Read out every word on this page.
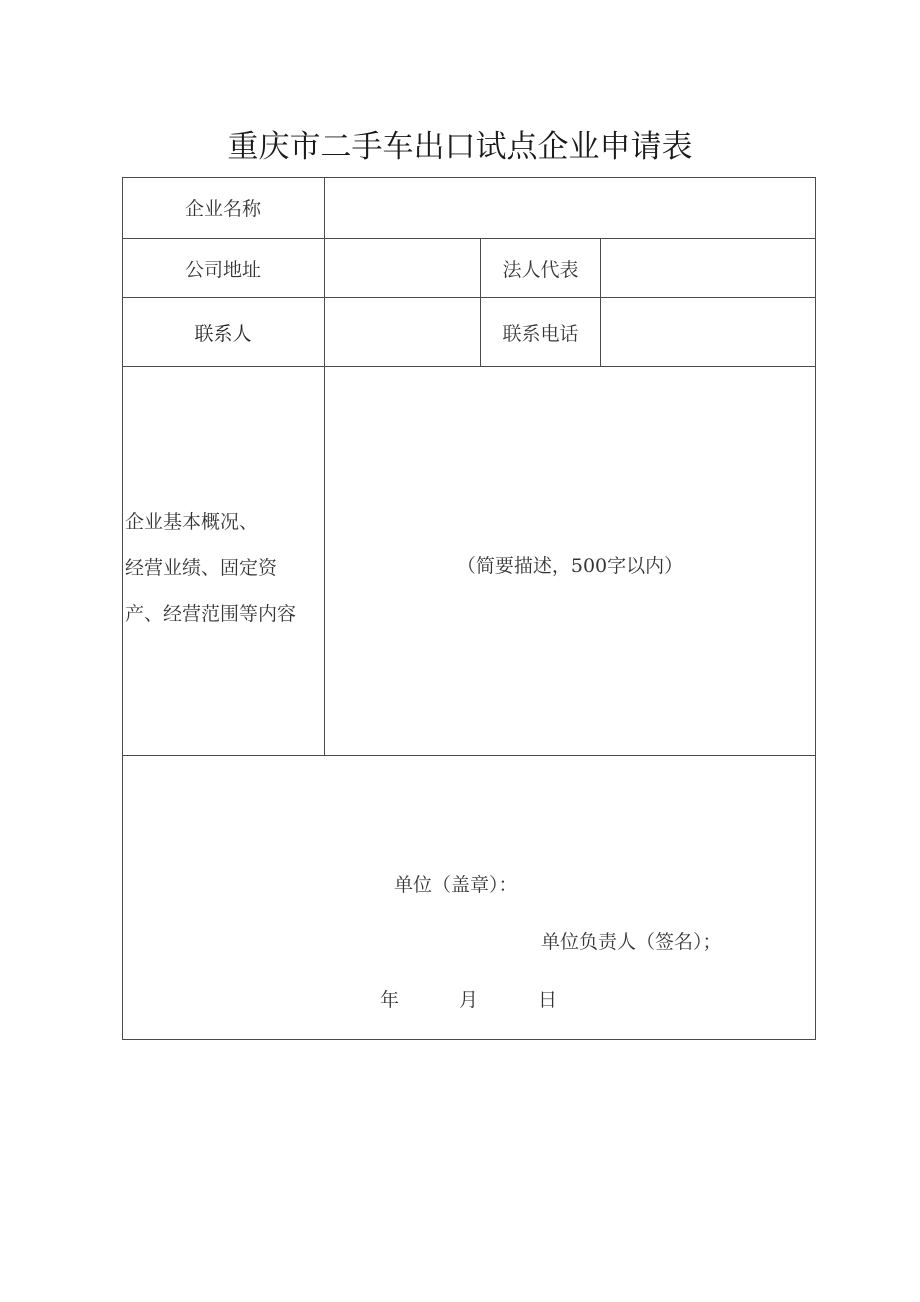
重庆市二手车出口试点企业申请表
企业名称
公司地址	法人代表
联系人	联系电话
企业基本概况、
经营业绩、固定资
产、经营范围等内容
（简要描述，500字以内）
单位（盖章）：
单位负责人（签名）；
年	月	日
